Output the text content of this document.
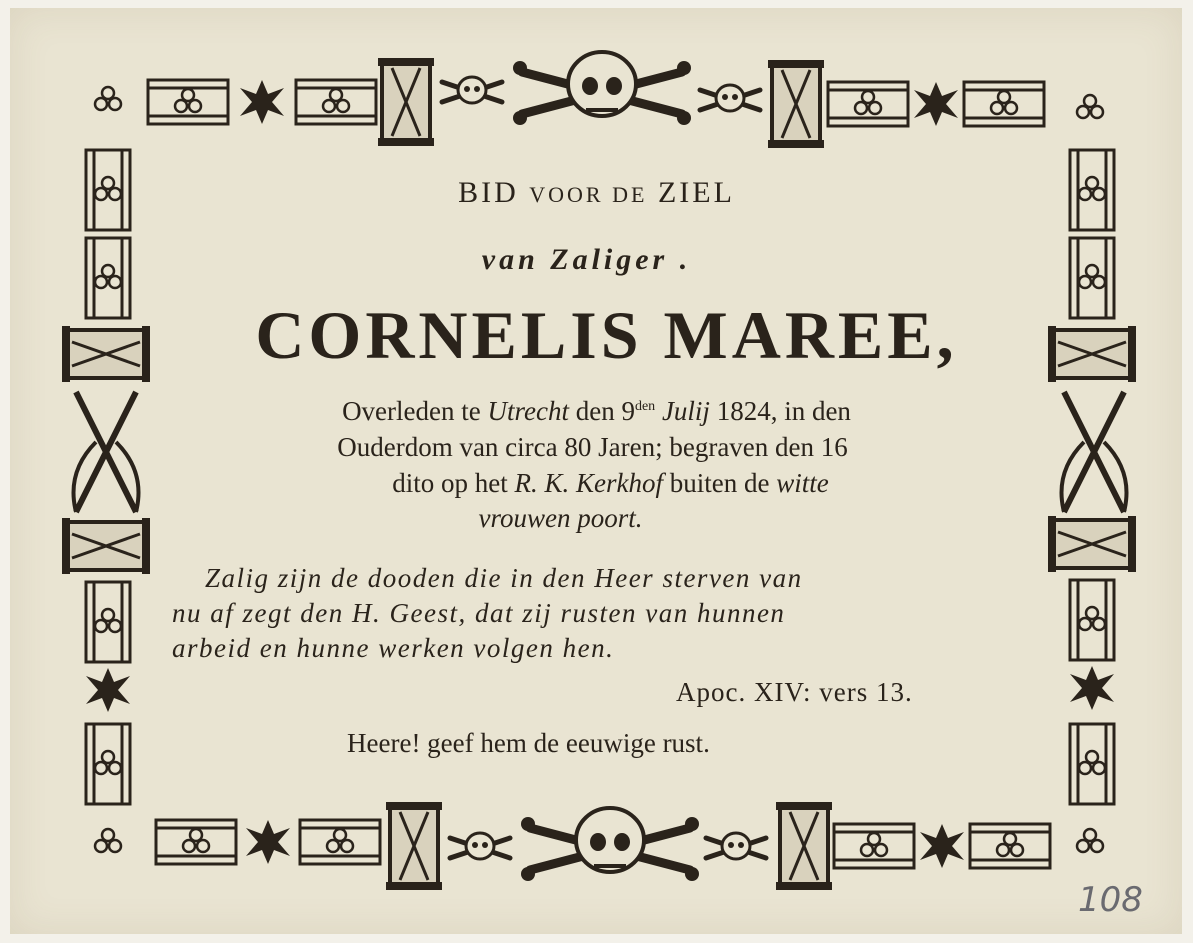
BID VOOR DE ZIEL
van Zaliger .
CORNELIS MAREE,
Overleden te Utrecht den $9^{den}$ Julij 1824, in den
Ouderdom van circa 80 Jaren; begraven den 16
dito op het R. K. Kerkhof buiten de witte
vrouwen poort.
Zalig zijn de dooden die in den Heer sterven van
nu af zegt den H. Geest, dat zij rusten van hunnen
arbeid en hunne werken volgen hen.
Apoc. XIV: vers 13.
Heere! geef hem de eeuwige rust.
108
